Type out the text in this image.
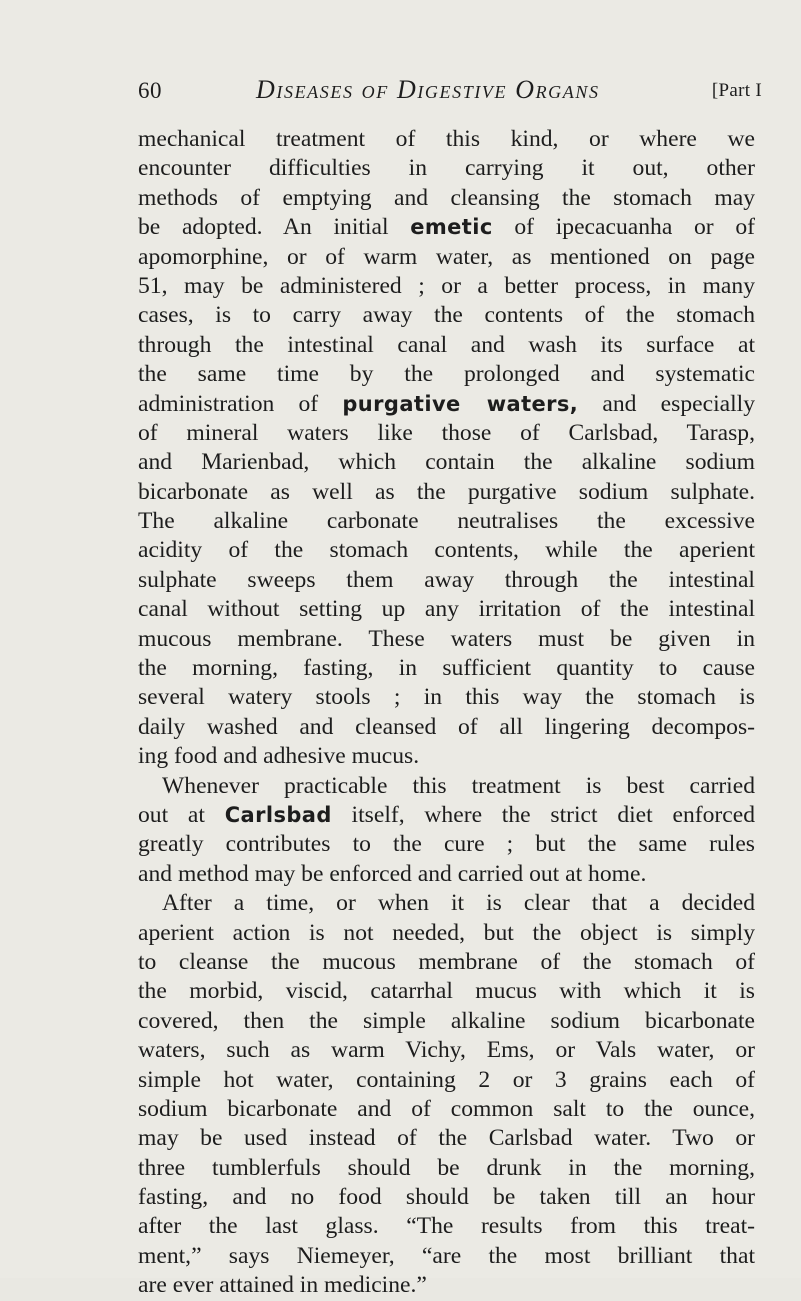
60	Diseases of Digestive Organs	[Part I
mechanical treatment of this kind, or where we
encounter difficulties in carrying it out, other
methods of emptying and cleansing the stomach may
be adopted. An initial emetic of ipecacuanha or of
apomorphine, or of warm water, as mentioned on page
51, may be administered ; or a better process, in many
cases, is to carry away the contents of the stomach
through the intestinal canal and wash its surface at
the same time by the prolonged and systematic
administration of purgative waters, and especially
of mineral waters like those of Carlsbad, Tarasp,
and Marienbad, which contain the alkaline sodium
bicarbonate as well as the purgative sodium sulphate.
The alkaline carbonate neutralises the excessive
acidity of the stomach contents, while the aperient
sulphate sweeps them away through the intestinal
canal without setting up any irritation of the intestinal
mucous membrane. These waters must be given in
the morning, fasting, in sufficient quantity to cause
several watery stools ; in this way the stomach is
daily washed and cleansed of all lingering decompos-
ing food and adhesive mucus.
Whenever practicable this treatment is best carried
out at Carlsbad itself, where the strict diet enforced
greatly contributes to the cure ; but the same rules
and method may be enforced and carried out at home.
After a time, or when it is clear that a decided
aperient action is not needed, but the object is simply
to cleanse the mucous membrane of the stomach of
the morbid, viscid, catarrhal mucus with which it is
covered, then the simple alkaline sodium bicarbonate
waters, such as warm Vichy, Ems, or Vals water, or
simple hot water, containing 2 or 3 grains each of
sodium bicarbonate and of common salt to the ounce,
may be used instead of the Carlsbad water. Two or
three tumblerfuls should be drunk in the morning,
fasting, and no food should be taken till an hour
after the last glass. “The results from this treat-
ment,” says Niemeyer, “are the most brilliant that
are ever attained in medicine.”
